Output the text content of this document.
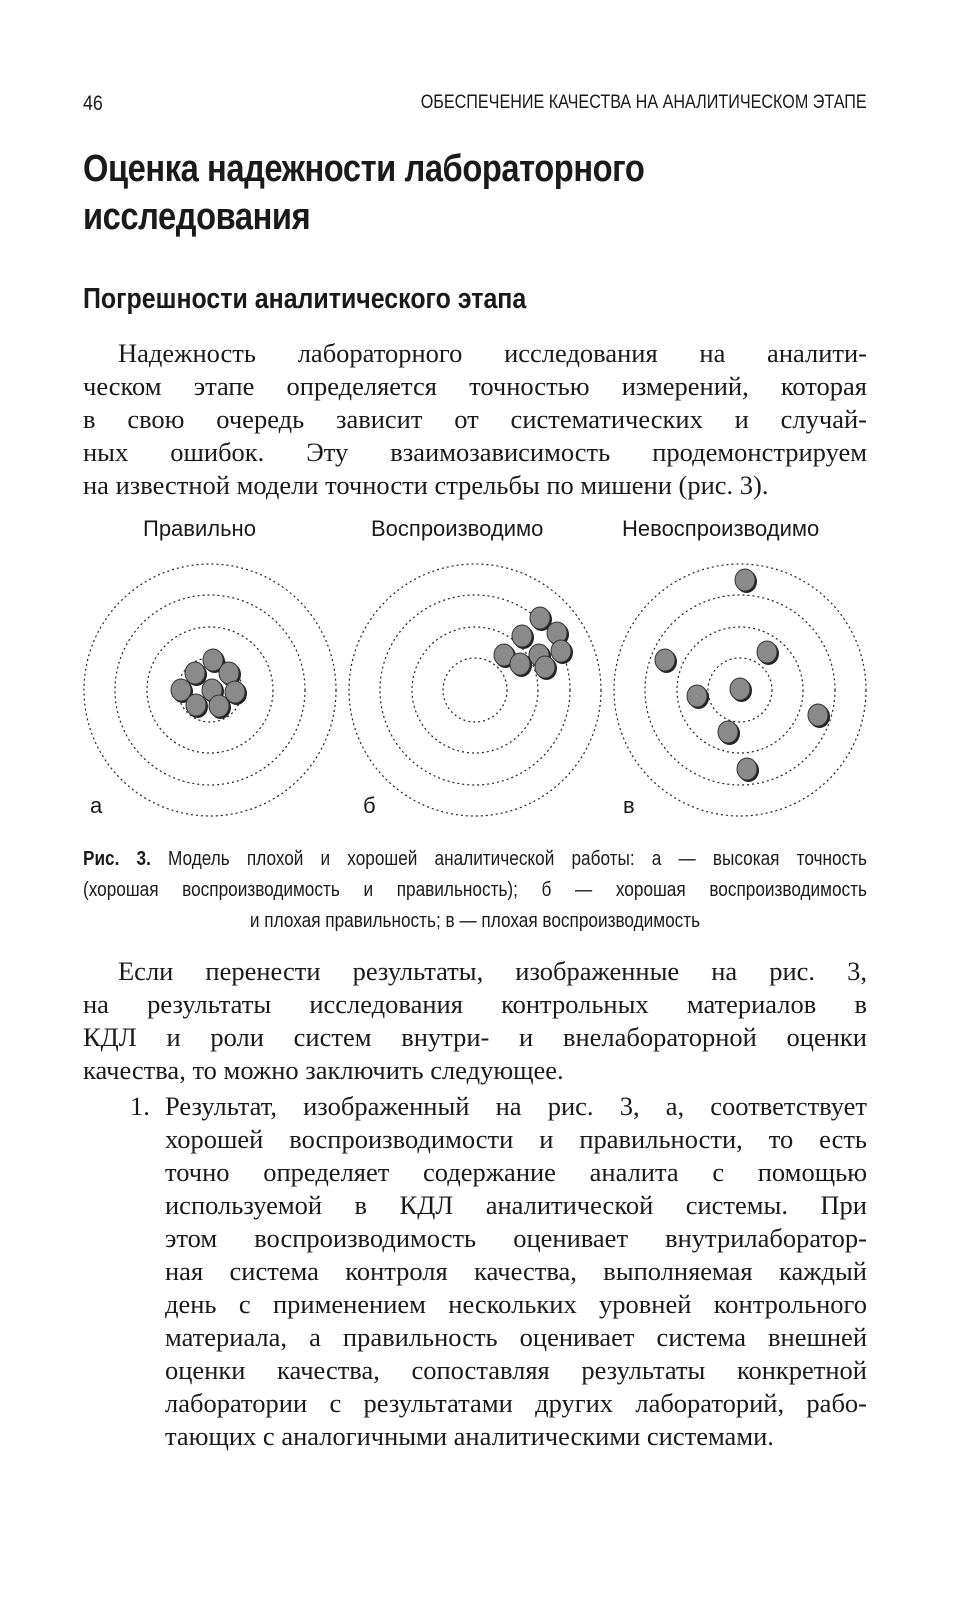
46	ОБЕСПЕЧЕНИЕ КАЧЕСТВА НА АНАЛИТИЧЕСКОМ ЭТАПЕ
Оценка надежности лабораторного
исследования
Погрешности аналитического этапа
Правильно	Воспроизводимо	Невоспроизводимо
а	б	в
Рис. 3. Модель плохой и хорошей аналитической работы: а — высокая точность
(хорошая воспроизводимость и правильность); б — хорошая воспроизводимость
и плохая правильность; в — плохая воспроизводимость
Надежность лабораторного исследования на аналити-
ческом этапе определяется точностью измерений, которая
в свою очередь зависит от систематических и случай-
ных ошибок. Эту взаимозависимость продемонстрируем
на известной модели точности стрельбы по мишени (рис. 3).
Если перенести результаты, изображенные на рис. 3,
на результаты исследования контрольных материалов в
КДЛ и роли систем внутри- и внелабораторной оценки
качества, то можно заключить следующее.
1. Результат, изображенный на рис. 3, а, соответствует
хорошей воспроизводимости и правильности, то есть
точно определяет содержание аналита с помощью
используемой в КДЛ аналитической системы. При
этом воспроизводимость оценивает внутрилаборатор-
ная система контроля качества, выполняемая каждый
день с применением нескольких уровней контрольного
материала, а правильность оценивает система внешней
оценки качества, сопоставляя результаты конкретной
лаборатории с результатами других лабораторий, рабо-
тающих с аналогичными аналитическими системами.
